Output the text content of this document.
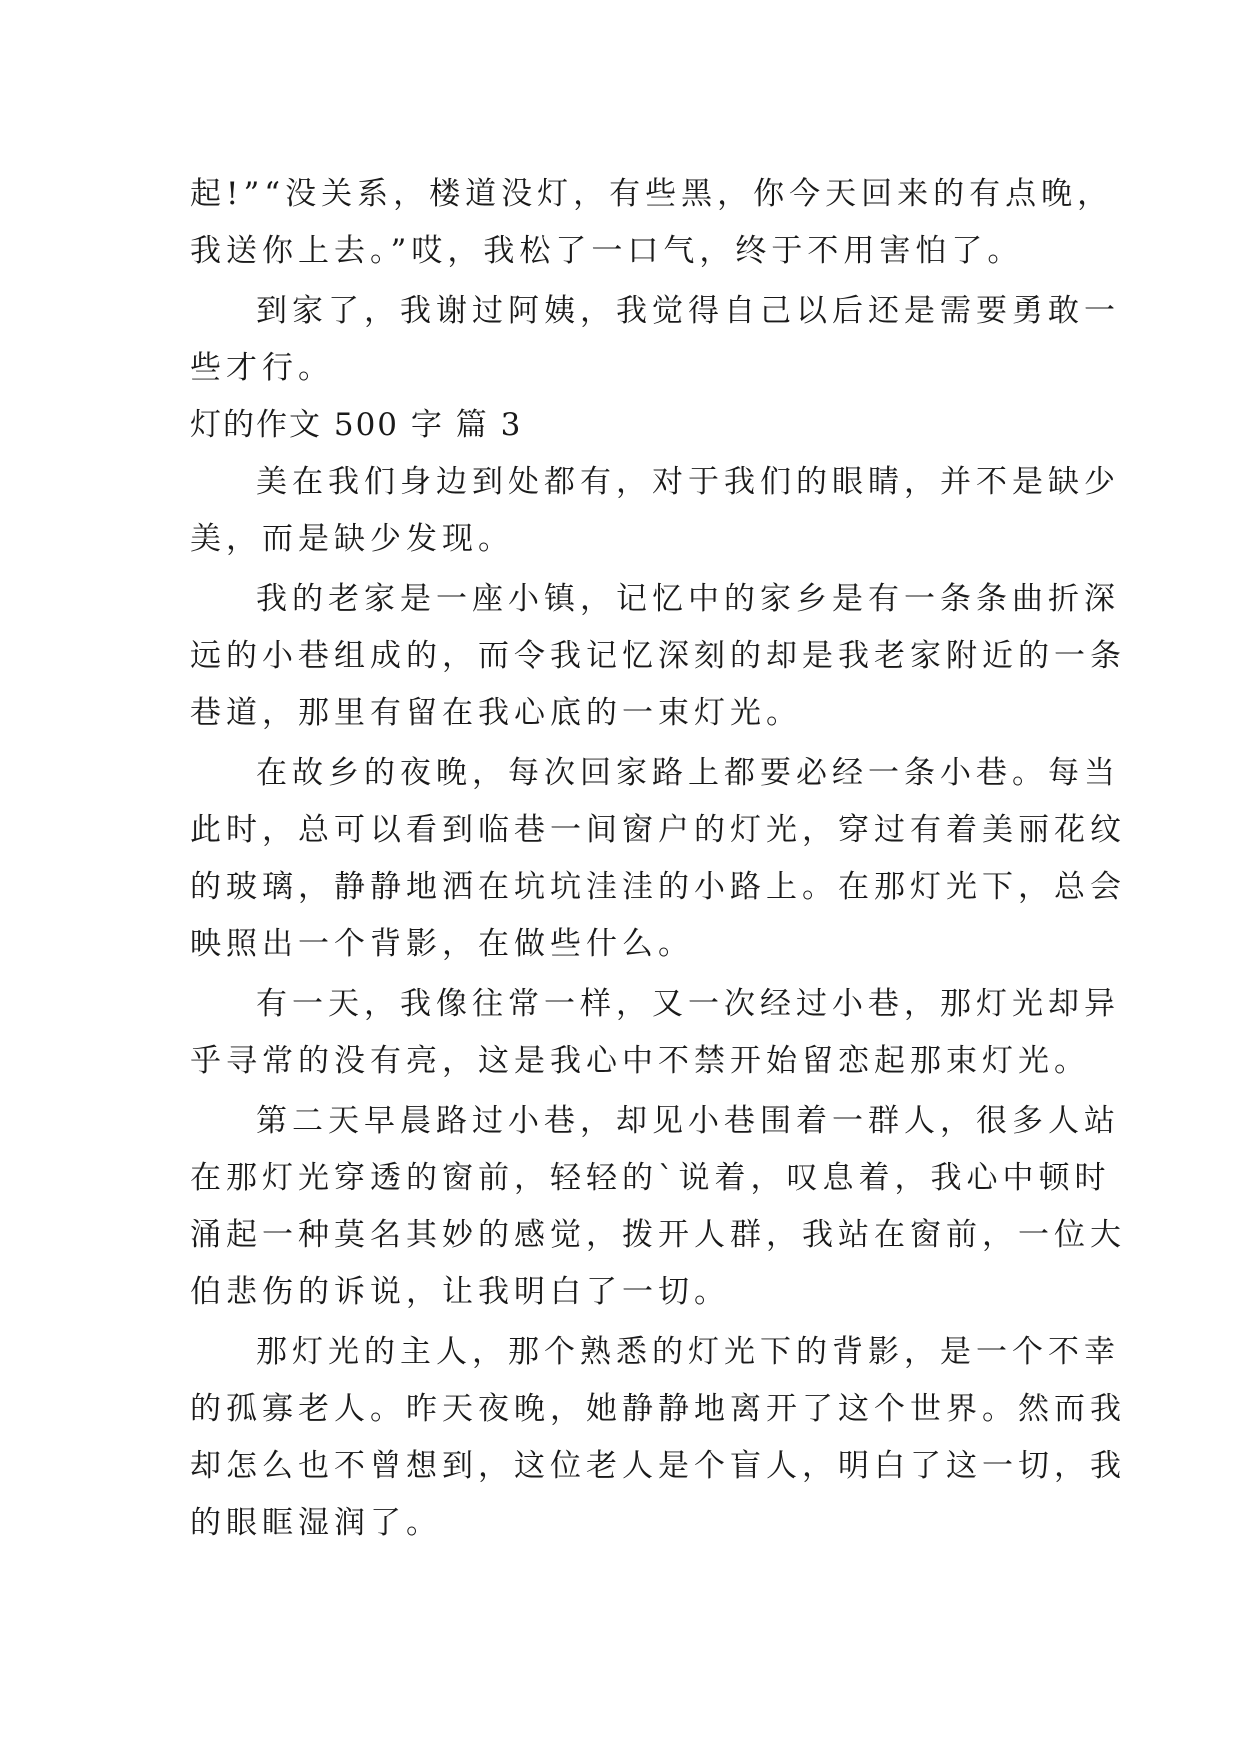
起!”“没关系，楼道没灯，有些黑，你今天回来的有点晚，
我送你上去。”哎，我松了一口气，终于不用害怕了。
到家了，我谢过阿姨，我觉得自己以后还是需要勇敢一
些才行。
灯的作文 500 字 篇 3
美在我们身边到处都有，对于我们的眼睛，并不是缺少
美，而是缺少发现。
我的老家是一座小镇，记忆中的家乡是有一条条曲折深
远的小巷组成的，而令我记忆深刻的却是我老家附近的一条
巷道，那里有留在我心底的一束灯光。
在故乡的夜晚，每次回家路上都要必经一条小巷。每当
此时，总可以看到临巷一间窗户的灯光，穿过有着美丽花纹
的玻璃，静静地洒在坑坑洼洼的小路上。在那灯光下，总会
映照出一个背影，在做些什么。
有一天，我像往常一样，又一次经过小巷，那灯光却异
乎寻常的没有亮，这是我心中不禁开始留恋起那束灯光。
第二天早晨路过小巷，却见小巷围着一群人，很多人站
在那灯光穿透的窗前，轻轻的`说着，叹息着，我心中顿时
涌起一种莫名其妙的感觉，拨开人群，我站在窗前，一位大
伯悲伤的诉说，让我明白了一切。
那灯光的主人，那个熟悉的灯光下的背影，是一个不幸
的孤寡老人。昨天夜晚，她静静地离开了这个世界。然而我
却怎么也不曾想到，这位老人是个盲人，明白了这一切，我
的眼眶湿润了。
